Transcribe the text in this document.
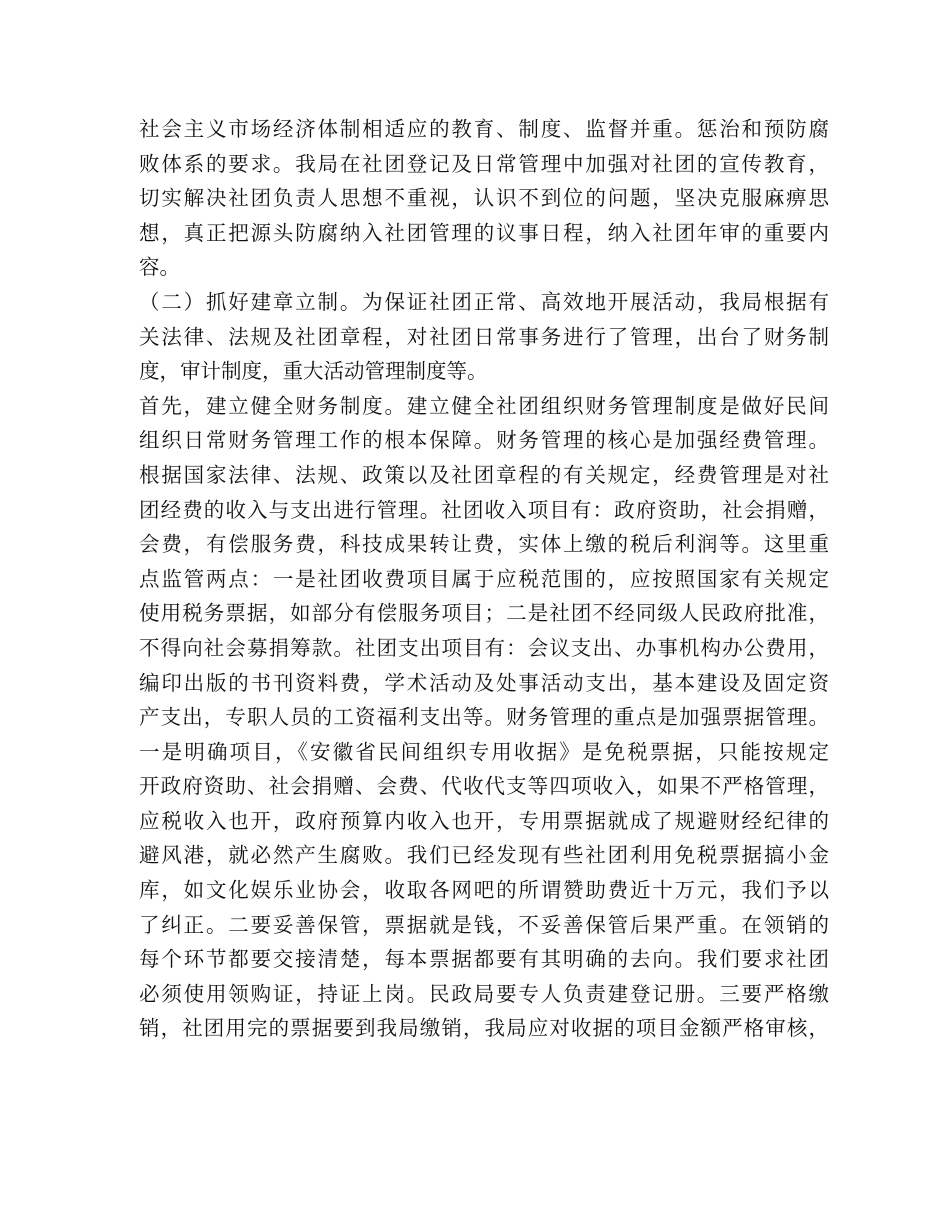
社会主义市场经济体制相适应的教育、制度、监督并重。惩治和预防腐
败体系的要求。我局在社团登记及日常管理中加强对社团的宣传教育，
切实解决社团负责人思想不重视，认识不到位的问题，坚决克服麻痹思
想，真正把源头防腐纳入社团管理的议事日程，纳入社团年审的重要内
容。
（二）抓好建章立制。为保证社团正常、高效地开展活动，我局根据有
关法律、法规及社团章程，对社团日常事务进行了管理，出台了财务制
度，审计制度，重大活动管理制度等。
首先，建立健全财务制度。建立健全社团组织财务管理制度是做好民间
组织日常财务管理工作的根本保障。财务管理的核心是加强经费管理。
根据国家法律、法规、政策以及社团章程的有关规定，经费管理是对社
团经费的收入与支出进行管理。社团收入项目有：政府资助，社会捐赠，
会费，有偿服务费，科技成果转让费，实体上缴的税后利润等。这里重
点监管两点：一是社团收费项目属于应税范围的，应按照国家有关规定
使用税务票据，如部分有偿服务项目；二是社团不经同级人民政府批准，
不得向社会募捐筹款。社团支出项目有：会议支出、办事机构办公费用，
编印出版的书刊资料费，学术活动及处事活动支出，基本建设及固定资
产支出，专职人员的工资福利支出等。财务管理的重点是加强票据管理。
一是明确项目，《安徽省民间组织专用收据》是免税票据，只能按规定
开政府资助、社会捐赠、会费、代收代支等四项收入，如果不严格管理，
应税收入也开，政府预算内收入也开，专用票据就成了规避财经纪律的
避风港，就必然产生腐败。我们已经发现有些社团利用免税票据搞小金
库，如文化娱乐业协会，收取各网吧的所谓赞助费近十万元，我们予以
了纠正。二要妥善保管，票据就是钱，不妥善保管后果严重。在领销的
每个环节都要交接清楚，每本票据都要有其明确的去向。我们要求社团
必须使用领购证，持证上岗。民政局要专人负责建登记册。三要严格缴
销，社团用完的票据要到我局缴销，我局应对收据的项目金额严格审核，
